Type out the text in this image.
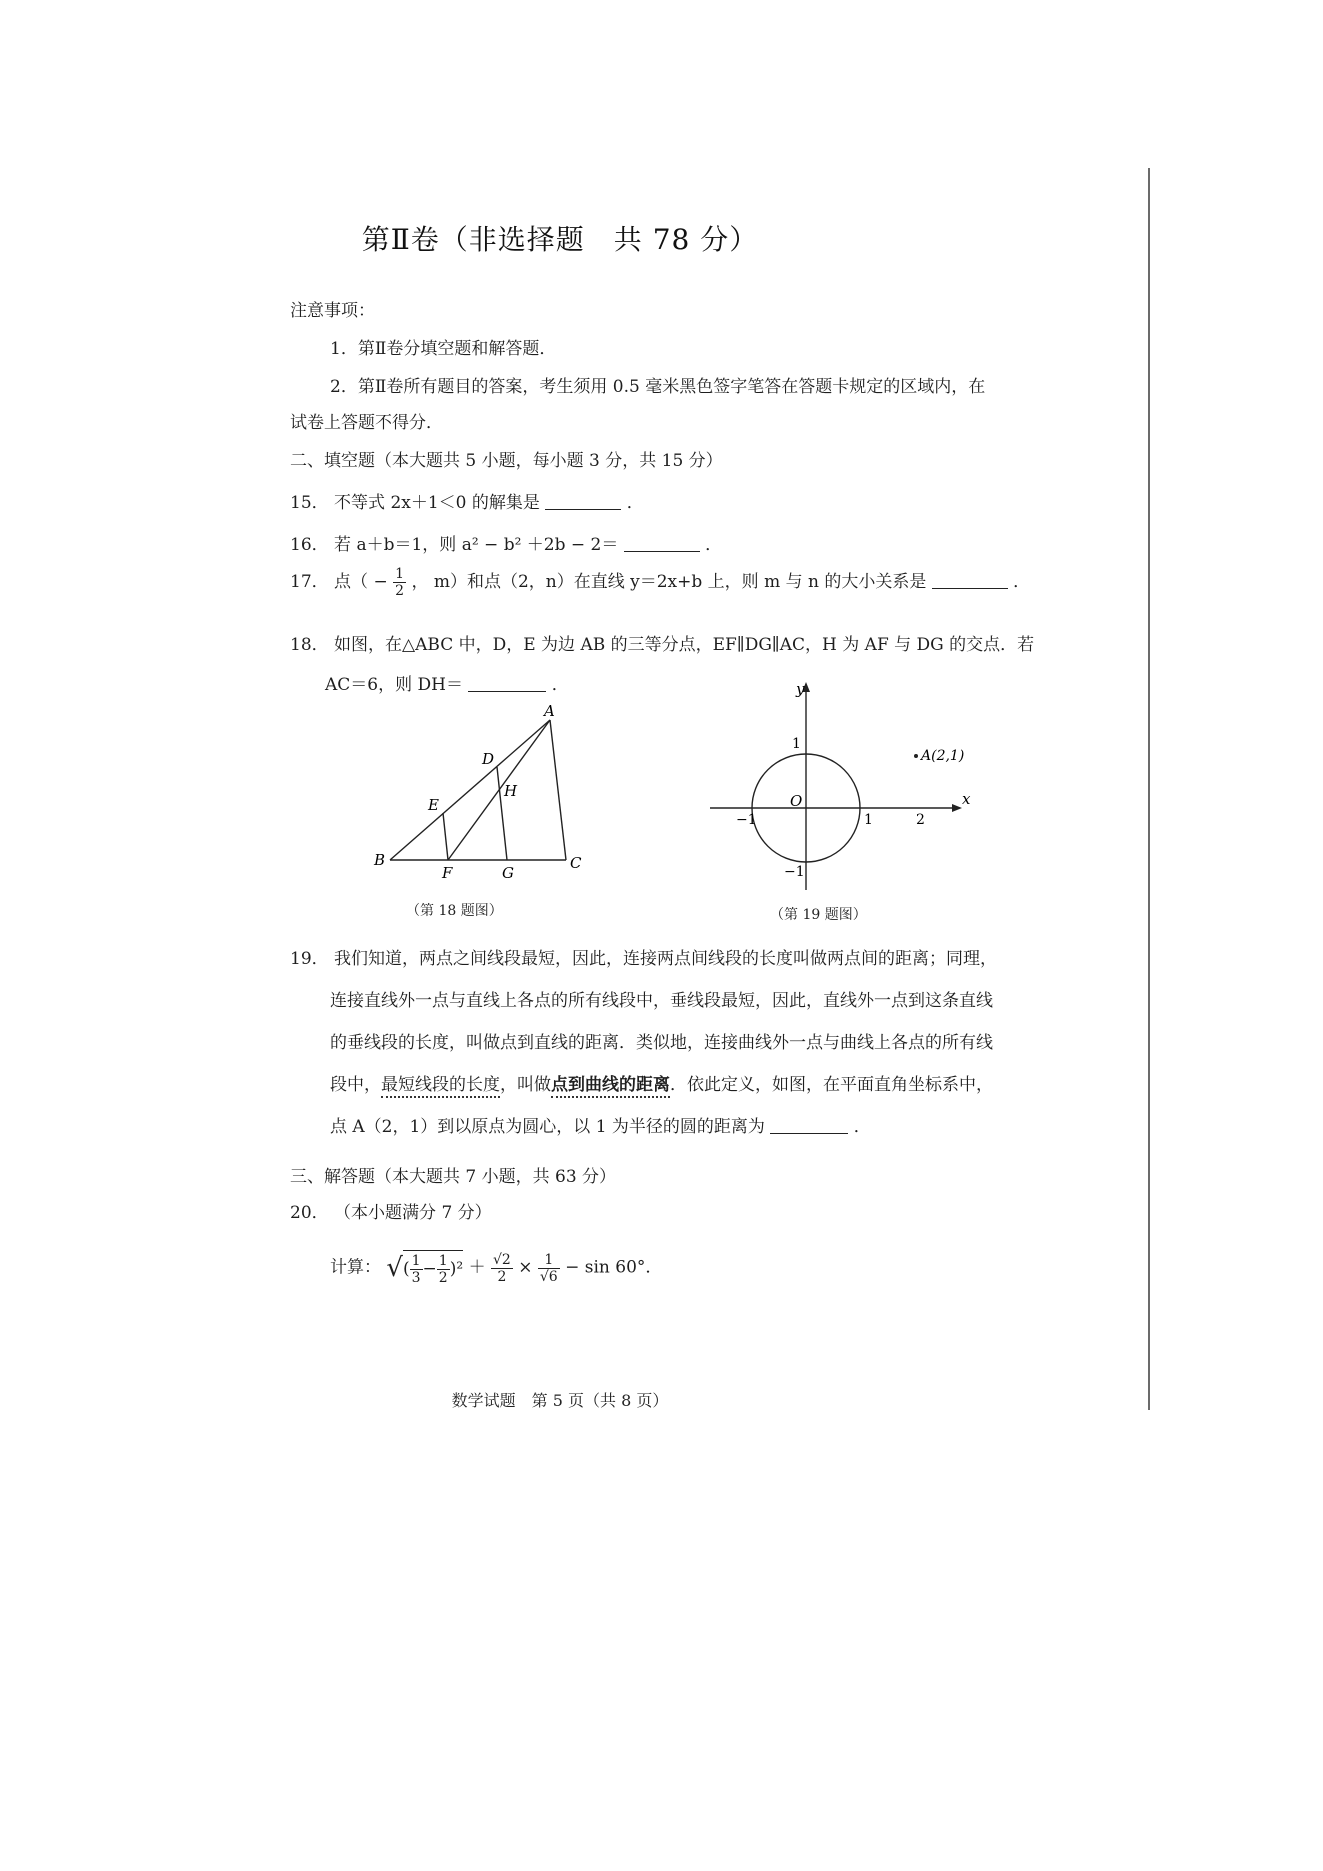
第Ⅱ卷（非选择题　共 78 分）
注意事项：
1．第Ⅱ卷分填空题和解答题．
2．第Ⅱ卷所有题目的答案，考生须用 0.5 毫米黑色签字笔答在答题卡规定的区域内，在
试卷上答题不得分．
二、填空题（本大题共 5 小题，每小题 3 分，共 15 分）
15． 不等式 2x＋1＜0 的解集是	．
16． 若 a＋b＝1，则 a² − b² ＋2b − 2＝	．
17． 点（ − $\frac{1}{2}$ ， m）和点（2，n）在直线 y＝2x+b 上，则 m 与 n 的大小关系是	．
18． 如图，在△ABC 中，D，E 为边 AB 的三等分点，EF∥DG∥AC，H 为 AF 与 DG 的交点．若
AC＝6，则 DH＝	．
A
B	C
D
E
F	G
H
（第 18 题图）
y
x
O
1
−1
1
−1	2
A(2,1)
（第 19 题图）
19． 我们知道，两点之间线段最短，因此，连接两点间线段的长度叫做两点间的距离；同理，
连接直线外一点与直线上各点的所有线段中，垂线段最短，因此，直线外一点到这条直线
的垂线段的长度，叫做点到直线的距离．类似地，连接曲线外一点与曲线上各点的所有线
段中，最短线段的长度，叫做点到曲线的距离．依此定义，如图，在平面直角坐标系中，
点 A（2，1）到以原点为圆心，以 1 为半径的圆的距离为	．
三、解答题（本大题共 7 小题，共 63 分）
20． （本小题满分 7 分）
计算： √( $\frac{1}{3} - \frac{1}{2} )^2 + \frac{√2}{2} \times \frac{1}{√6} - \sin 60^\circ$．
数学试题　第 5 页（共 8 页）
